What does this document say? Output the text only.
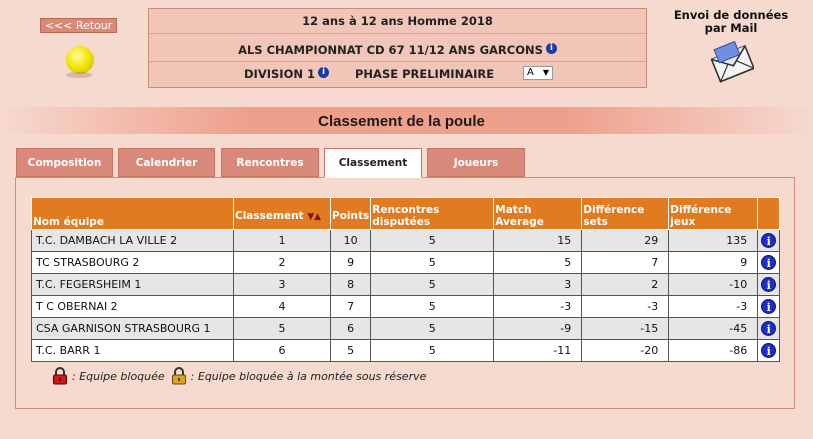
<<< Retour	12 ans à 12 ans Homme 2018
ALS CHAMPIONNAT CD 67 11/12 ANS GARCONS i
DIVISION 1 i	PHASE PRELIMINAIRE	A ▼
Envoi de données
par Mail
Classement de la poule
Composition	Calendrier	Rencontres	Classement	Joueurs
Nom équipe	Classement ▼▲	Points	Rencontres disputées	Match Average	Différence sets	Différence jeux	
T.C. DAMBACH LA VILLE 2	1	10	5	15	29	135	i
TC STRASBOURG 2	2	9	5	5	7	9	i
T.C. FEGERSHEIM 1	3	8	5	3	2	-10	i
T C OBERNAI 2	4	7	5	-3	-3	-3	i
CSA GARNISON STRASBOURG 1	5	6	5	-9	-15	-45	i
T.C. BARR 1	6	5	5	-11	-20	-86	i
: Equipe bloquée : Equipe bloquée à la montée sous réserve
